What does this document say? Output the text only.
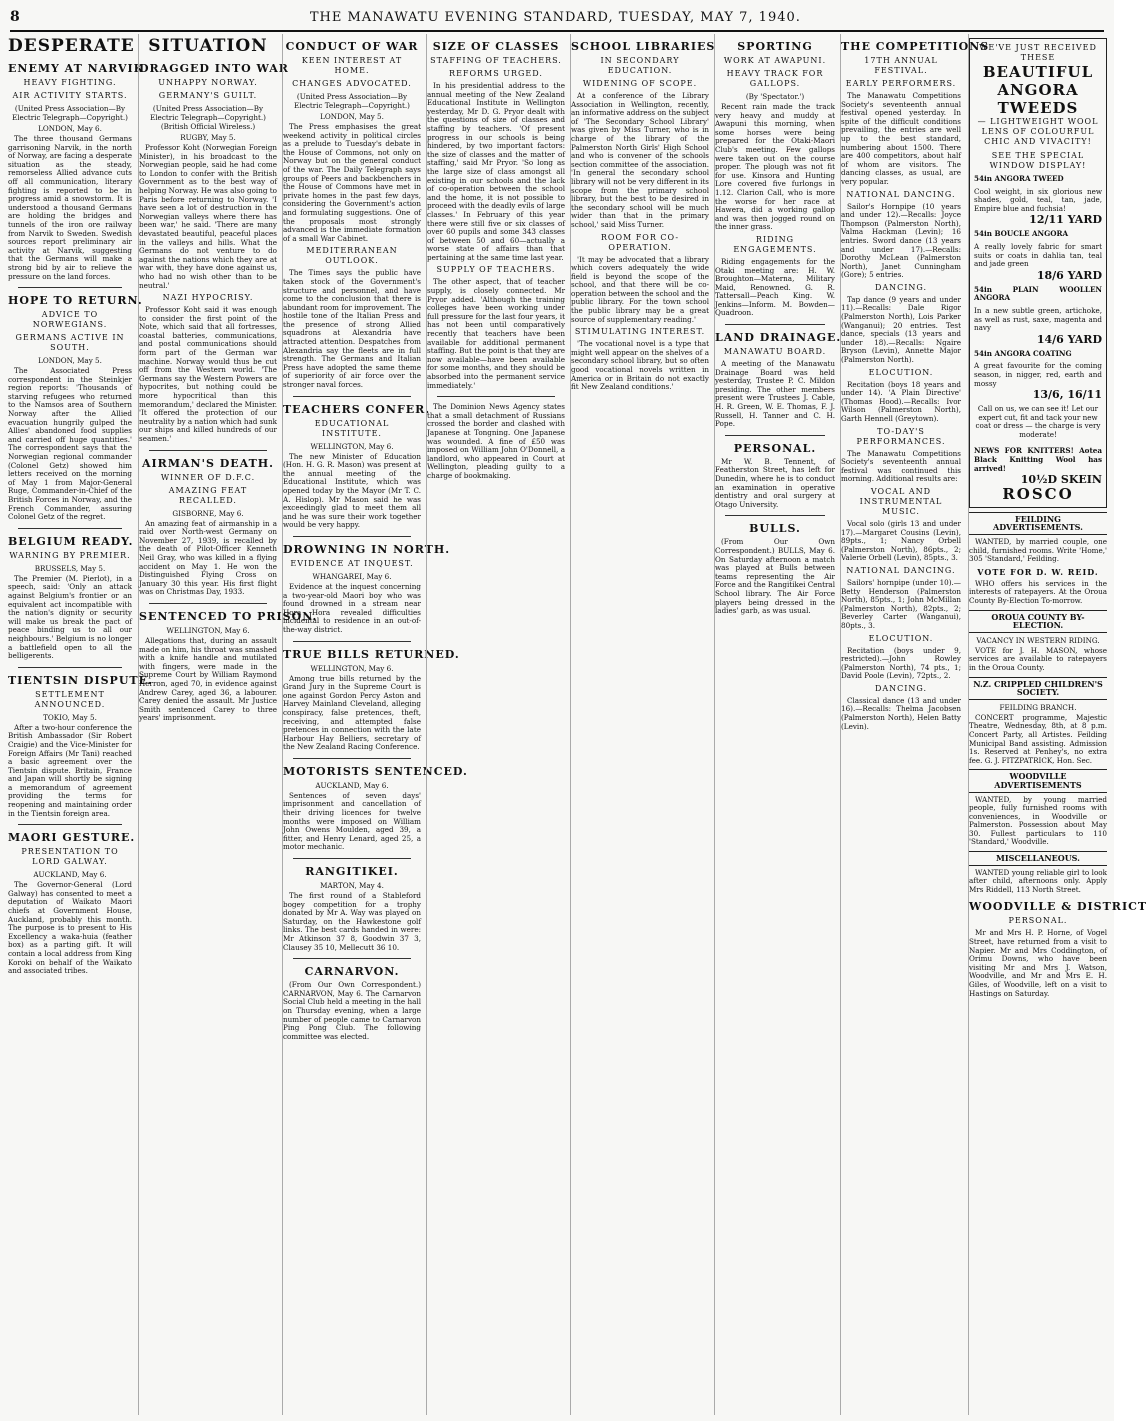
8	THE MANAWATU EVENING STANDARD, TUESDAY, MAY 7, 1940.
DESPERATE
ENEMY AT NARVIK
HEAVY FIGHTING.
AIR ACTIVITY STARTS.
(United Press Association—By Electric Telegraph—Copyright.)
LONDON, May 6.

The three thousand Germans garrisoning Narvik, in the north of Norway, are facing a desperate situation as the steady, remorseless Allied advance cuts off all communication, literary fighting is reported to be in progress amid a snowstorm. It is understood a thousand Germans are holding the bridges and tunnels of the iron ore railway from Narvik to Sweden. Swedish sources report preliminary air activity at Narvik, suggesting that the Germans will make a strong bid by air to relieve the pressure on the land forces.

HOPE TO RETURN.
ADVICE TO NORWEGIANS.
GERMANS ACTIVE IN SOUTH.
LONDON, May 5.

The Associated Press correspondent in the Steinkjer region reports: 'Thousands of starving refugees who returned to the Namsos area of Southern Norway after the Allied evacuation hungrily gulped the Allies' abandoned food supplies and carried off huge quantities.' The correspondent says that the Norwegian regional commander (Colonel Getz) showed him letters received on the morning of May 1 from Major-General Ruge, Commander-in-Chief of the British Forces in Norway, and the French Commander, assuring Colonel Getz of the regret.

BELGIUM READY.
WARNING BY PREMIER.
BRUSSELS, May 5.

The Premier (M. Pierlot), in a speech, said: 'Only an attack against Belgium's frontier or an equivalent act incompatible with the nation's dignity or security will make us break the pact of peace binding us to all our neighbours.' Belgium is no longer a battlefield open to all the belligerents.

TIENTSIN DISPUTE.
SETTLEMENT ANNOUNCED.
TOKIO, May 5.

After a two-hour conference the British Ambassador (Sir Robert Craigie) and the Vice-Minister for Foreign Affairs (Mr Tani) reached a basic agreement over the Tientsin dispute. Britain, France and Japan will shortly be signing a memorandum of agreement providing the terms for reopening and maintaining order in the Tientsin foreign area.

MAORI GESTURE.
PRESENTATION TO LORD GALWAY.
AUCKLAND, May 6.

The Governor-General (Lord Galway) has consented to meet a deputation of Waikato Maori chiefs at Government House, Auckland, probably this month. The purpose is to present to His Excellency a waka-huia (feather box) as a parting gift. It will contain a local address from King Koroki on behalf of the Waikato and associated tribes.

SITUATION
DRAGGED INTO WAR
UNHAPPY NORWAY.
GERMANY'S GUILT.
(United Press Association—By Electric Telegraph—Copyright.) (British Official Wireless.)
RUGBY, May 5.

Professor Koht (Norwegian Foreign Minister), in his broadcast to the Norwegian people, said he had come to London to confer with the British Government as to the best way of helping Norway. He was also going to Paris before returning to Norway. 'I have seen a lot of destruction in the Norwegian valleys where there has been war,' he said. 'There are many devastated beautiful, peaceful places in the valleys and hills. What the Germans do not venture to do against the nations which they are at war with, they have done against us, who had no wish other than to be neutral.'

NAZI HYPOCRISY.

Professor Koht said it was enough to consider the first point of the Note, which said that all fortresses, coastal batteries, communications, and postal communications should form part of the German war machine. Norway would thus be cut off from the Western world. 'The Germans say the Western Powers are hypocrites, but nothing could be more hypocritical than this memorandum,' declared the Minister. 'It offered the protection of our neutrality by a nation which had sunk our ships and killed hundreds of our seamen.'

AIRMAN'S DEATH.
WINNER OF D.F.C.
AMAZING FEAT RECALLED.
GISBORNE, May 6.

An amazing feat of airmanship in a raid over North-west Germany on November 27, 1939, is recalled by the death of Pilot-Officer Kenneth Neil Gray, who was killed in a flying accident on May 1. He won the Distinguished Flying Cross on January 30 this year. His first flight was on Christmas Day, 1933.

SENTENCED TO PRISON.
WELLINGTON, May 6.

Allegations that, during an assault made on him, his throat was smashed with a knife handle and mutilated with fingers, were made in the Supreme Court by William Raymond Herron, aged 70, in evidence against Andrew Carey, aged 36, a labourer. Carey denied the assault. Mr Justice Smith sentenced Carey to three years' imprisonment.

CONDUCT OF WAR
KEEN INTEREST AT HOME.
CHANGES ADVOCATED.
(United Press Association—By Electric Telegraph—Copyright.)
LONDON, May 5.

The Press emphasises the great weekend activity in political circles as a prelude to Tuesday's debate in the House of Commons, not only on Norway but on the general conduct of the war. The Daily Telegraph says groups of Peers and backbenchers in the House of Commons have met in private homes in the past few days, considering the Government's action and formulating suggestions. One of the proposals most strongly advanced is the immediate formation of a small War Cabinet.

MEDITERRANEAN OUTLOOK.

The Times says the public have taken stock of the Government's structure and personnel, and have come to the conclusion that there is abundant room for improvement. The hostile tone of the Italian Press and the presence of strong Allied squadrons at Alexandria have attracted attention. Despatches from Alexandria say the fleets are in full strength. The Germans and Italian Press have adopted the same theme of superiority of air force over the stronger naval forces.

TEACHERS CONFER.
EDUCATIONAL INSTITUTE.
WELLINGTON, May 6.

The new Minister of Education (Hon. H. G. R. Mason) was present at the annual meeting of the Educational Institute, which was opened today by the Mayor (Mr T. C. A. Hislop). Mr Mason said he was exceedingly glad to meet them all and he was sure their work together would be very happy.

DROWNING IN NORTH.
EVIDENCE AT INQUEST.
WHANGAREI, May 6.

Evidence at the inquest concerning a two-year-old Maori boy who was found drowned in a stream near Hora Hora revealed difficulties incidental to residence in an out-of-the-way district.

TRUE BILLS RETURNED.
WELLINGTON, May 6.

Among true bills returned by the Grand Jury in the Supreme Court is one against Gordon Percy Aston and Harvey Mainland Cleveland, alleging conspiracy, false pretences, theft, receiving, and attempted false pretences in connection with the late Harbour Hay Belliers, secretary of the New Zealand Racing Conference.

MOTORISTS SENTENCED.
AUCKLAND, May 6.

Sentences of seven days' imprisonment and cancellation of their driving licences for twelve months were imposed on William John Owens Moulden, aged 39, a fitter, and Henry Lenard, aged 25, a motor mechanic.

RANGITIKEI.
MARTON, May 4.

The first round of a Stableford bogey competition for a trophy donated by Mr A. Way was played on Saturday, on the Hawkestone golf links. The best cards handed in were: Mr Atkinson 37 8, Goodwin 37 3, Clausey 35 10, Mellecutt 36 10.

CARNARVON.

(From Our Own Correspondent.) CARNARVON, May 6. The Carnarvon Social Club held a meeting in the hall on Thursday evening, when a large number of people came to Carnarvon Ping Pong Club. The following committee was elected.

SIZE OF CLASSES
STAFFING OF TEACHERS.
REFORMS URGED.

In his presidential address to the annual meeting of the New Zealand Educational Institute in Wellington yesterday, Mr D. G. Pryor dealt with the questions of size of classes and staffing by teachers. 'Of present progress in our schools is being hindered, by two important factors: the size of classes and the matter of staffing,' said Mr Pryor. 'So long as the large size of class amongst all existing in our schools and the lack of co-operation between the school and the home, it is not possible to proceed with the deadly evils of large classes.' In February of this year there were still five or six classes of over 60 pupils and some 343 classes of between 50 and 60—actually a worse state of affairs than that pertaining at the same time last year.

SUPPLY OF TEACHERS.

The other aspect, that of teacher supply, is closely connected. Mr Pryor added. 'Although the training colleges have been working under full pressure for the last four years, it has not been until comparatively recently that teachers have been available for additional permanent staffing. But the point is that they are now available—have been available for some months, and they should be absorbed into the permanent service immediately.'

The Dominion News Agency states that a small detachment of Russians crossed the border and clashed with Japanese at Tongning. One Japanese was wounded. A fine of £50 was imposed on William John O'Donnell, a landlord, who appeared in Court at Wellington, pleading guilty to a charge of bookmaking.

SCHOOL LIBRARIES
IN SECONDARY EDUCATION.
WIDENING OF SCOPE.

At a conference of the Library Association in Wellington, recently, an informative address on the subject of 'The Secondary School Library' was given by Miss Turner, who is in charge of the library of the Palmerston North Girls' High School and who is convener of the schools section committee of the association. 'In general the secondary school library will not be very different in its scope from the primary school library, but the best to be desired in the secondary school will be much wider than that in the primary school,' said Miss Turner.

ROOM FOR CO-OPERATION.

'It may be advocated that a library which covers adequately the wide field is beyond the scope of the school, and that there will be co-operation between the school and the public library. For the town school the public library may be a great source of supplementary reading.'

STIMULATING INTEREST.

'The vocational novel is a type that might well appear on the shelves of a secondary school library, but so often good vocational novels written in America or in Britain do not exactly fit New Zealand conditions.'

SPORTING
WORK AT AWAPUNI.
HEAVY TRACK FOR GALLOPS.
(By 'Spectator.')

Recent rain made the track very heavy and muddy at Awapuni this morning, when some horses were being prepared for the Otaki-Maori Club's meeting. Few gallops were taken out on the course proper. The plough was not fit for use. Kinsora and Hunting Lore covered five furlongs in 1.12. Clarion Call, who is more the worse for her race at Hawera, did a working gallop and was then jogged round on the inner grass.

RIDING ENGAGEMENTS.

Riding engagements for the Otaki meeting are: H. W. Broughton—Materna, Military Maid, Renowned. G. R. Tattersall—Peach King. W. Jenkins—Inform. M. Bowden—Quadroon.

LAND DRAINAGE.
MANAWATU BOARD.

A meeting of the Manawatu Drainage Board was held yesterday, Trustee P. C. Mildon presiding. The other members present were Trustees J. Cable, H. R. Green, W. E. Thomas, F. J. Russell, H. Tanner and C. H. Pope.

PERSONAL.

Mr W. B. Tennent, of Featherston Street, has left for Dunedin, where he is to conduct an examination in operative dentistry and oral surgery at Otago University.

BULLS.

(From Our Own Correspondent.) BULLS, May 6. On Saturday afternoon a match was played at Bulls between teams representing the Air Force and the Rangitikei Central School library. The Air Force players being dressed in the ladies' garb, as was usual.

THE COMPETITIONS
17TH ANNUAL FESTIVAL.
EARLY PERFORMERS.

The Manawatu Competitions Society's seventeenth annual festival opened yesterday. In spite of the difficult conditions prevailing, the entries are well up to the best standard, numbering about 1500. There are 400 competitors, about half of whom are visitors. The dancing classes, as usual, are very popular.

NATIONAL DANCING.

Sailor's Hornpipe (10 years and under 12).—Recalls: Joyce Thompson (Palmerston North), Valma Hackman (Levin); 16 entries. Sword dance (13 years and under 17).—Recalls: Dorothy McLean (Palmerston North), Janet Cunningham (Gore); 5 entries.

DANCING.

Tap dance (9 years and under 11).—Recalls: Dale Rigor (Palmerston North), Lois Parker (Wanganui); 20 entries. Test dance, specials (13 years and under 18).—Recalls: Ngaire Bryson (Levin), Annette Major (Palmerston North).

ELOCUTION.

Recitation (boys 18 years and under 14). 'A Plain Directive' (Thomas Hood).—Recalls: Ivor Wilson (Palmerston North), Garth Hennell (Greytown).

TO-DAY'S PERFORMANCES.

The Manawatu Competitions Society's seventeenth annual festival was continued this morning. Additional results are:

VOCAL AND INSTRUMENTAL MUSIC.

Vocal solo (girls 13 and under 17).—Margaret Cousins (Levin), 89pts., 1; Nancy Orbell (Palmerston North), 86pts., 2; Valerie Orbell (Levin), 85pts., 3.

NATIONAL DANCING.

Sailors' hornpipe (under 10).—Betty Henderson (Palmerston North), 85pts., 1; John McMillan (Palmerston North), 82pts., 2; Beverley Carter (Wanganui), 80pts., 3.

ELOCUTION.

Recitation (boys under 9, restricted).—John Rowley (Palmerston North), 74 pts., 1; David Poole (Levin), 72pts., 2.

DANCING.

Classical dance (13 and under 16).—Recalls: Thelma Jacobsen (Palmerston North), Helen Batty (Levin).

WE'VE JUST RECEIVED
THESE
BEAUTIFUL
ANGORA
TWEEDS
— LIGHTWEIGHT WOOL LENS OF COLOURFUL CHIC AND VIVACITY!
SEE THE SPECIAL WINDOW DISPLAY!
54in ANGORA TWEED
Cool weight, in six glorious new shades, gold, teal, tan, jade, Empire blue and fuchsia!
12/11 YARD
54in BOUCLE ANGORA
A really lovely fabric for smart suits or coats in dahlia tan, teal and jade green
18/6 YARD
54in PLAIN WOOLLEN ANGORA
In a new subtle green, artichoke, as well as rust, saxe, magenta and navy
14/6 YARD
54in ANGORA COATING
A great favourite for the coming season, in nigger, red, earth and mossy
13/6, 16/11
Call on us, we can see it! Let our expert cut, fit and tack your new coat or dress — the charge is very moderate!
NEWS FOR KNITTERS! Aotea Black Knitting Wool has arrived!
10½D SKEIN
ROSCO
FEILDING ADVERTISEMENTS.

WANTED, by married couple, one child, furnished rooms. Write 'Home,' 305 'Standard,' Feilding.

VOTE FOR D. W. REID.

WHO offers his services in the interests of ratepayers. At the Oroua County By-Election To-morrow.

OROUA COUNTY BY-ELECTION.
VACANCY IN WESTERN RIDING.

VOTE for J. H. MASON, whose services are available to ratepayers in the Oroua County.

N.Z. CRIPPLED CHILDREN'S SOCIETY.
FEILDING BRANCH.

CONCERT programme, Majestic Theatre, Wednesday, 8th, at 8 p.m. Concert Party, all Artistes. Feilding Municipal Band assisting. Admission 1s. Reserved at Penhey's, no extra fee. G. J. FITZPATRICK, Hon. Sec.

WOODVILLE ADVERTISEMENTS

WANTED, by young married people, fully furnished rooms with conveniences, in Woodville or Palmerston. Possession about May 30. Fullest particulars to 110 'Standard,' Woodville.

MISCELLANEOUS.

WANTED young reliable girl to look after child, afternoons only. Apply Mrs Riddell, 113 North Street.

WOODVILLE & DISTRICT
PERSONAL.

Mr and Mrs H. P. Horne, of Vogel Street, have returned from a visit to Napier. Mr and Mrs Coddington, of Orimu Downs, who have been visiting Mr and Mrs J. Watson, Woodville, and Mr and Mrs E. H. Giles, of Woodville, left on a visit to Hastings on Saturday.
